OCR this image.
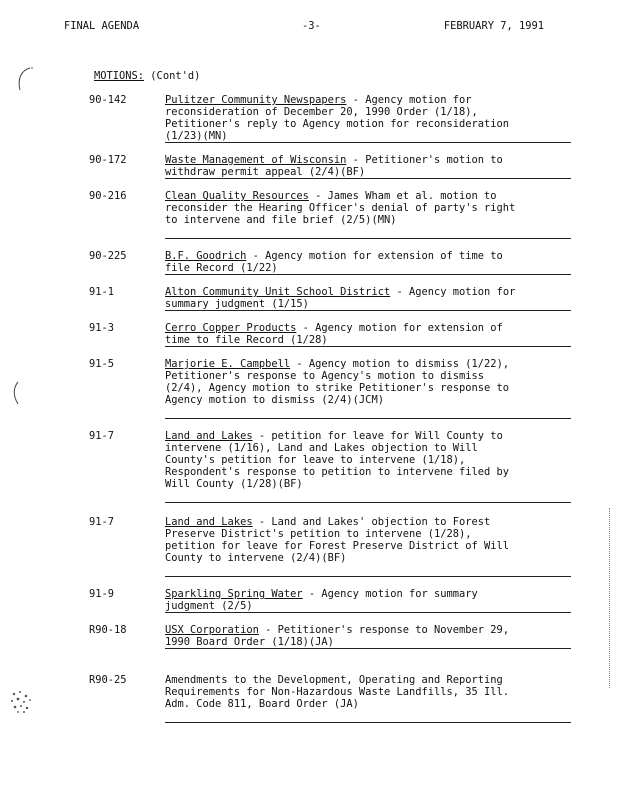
FINAL AGENDA	-3-	FEBRUARY 7, 1991
MOTIONS: (Cont'd)
90-142	Pulitzer Community Newspapers - Agency motion for
reconsideration of December 20, 1990 Order (1/18),
Petitioner's reply to Agency motion for reconsideration
(1/23)(MN)
90-172	Waste Management of Wisconsin - Petitioner's motion to
withdraw permit appeal (2/4)(BF)
90-216	Clean Quality Resources - James Wham et al. motion to
reconsider the Hearing Officer's denial of party's right
to intervene and file brief (2/5)(MN)
90-225	B.F. Goodrich - Agency motion for extension of time to
file Record (1/22)
91-1	Alton Community Unit School District - Agency motion for
summary judgment (1/15)
91-3	Cerro Copper Products - Agency motion for extension of
time to file Record (1/28)
91-5	Marjorie E. Campbell - Agency motion to dismiss (1/22),
Petitioner's response to Agency's motion to dismiss
(2/4), Agency motion to strike Petitioner's response to
Agency motion to dismiss (2/4)(JCM)
91-7	Land and Lakes - petition for leave for Will County to
intervene (1/16), Land and Lakes objection to Will
County's petition for leave to intervene (1/18),
Respondent's response to petition to intervene filed by
Will County (1/28)(BF)
91-7	Land and Lakes - Land and Lakes' objection to Forest
Preserve District's petition to intervene (1/28),
petition for leave for Forest Preserve District of Will
County to intervene (2/4)(BF)
91-9	Sparkling Spring Water - Agency motion for summary
judgment (2/5)
R90-18	USX Corporation - Petitioner's response to November 29,
1990 Board Order (1/18)(JA)
R90-25	Amendments to the Development, Operating and Reporting
Requirements for Non-Hazardous Waste Landfills, 35 Ill.
Adm. Code 811, Board Order (JA)
